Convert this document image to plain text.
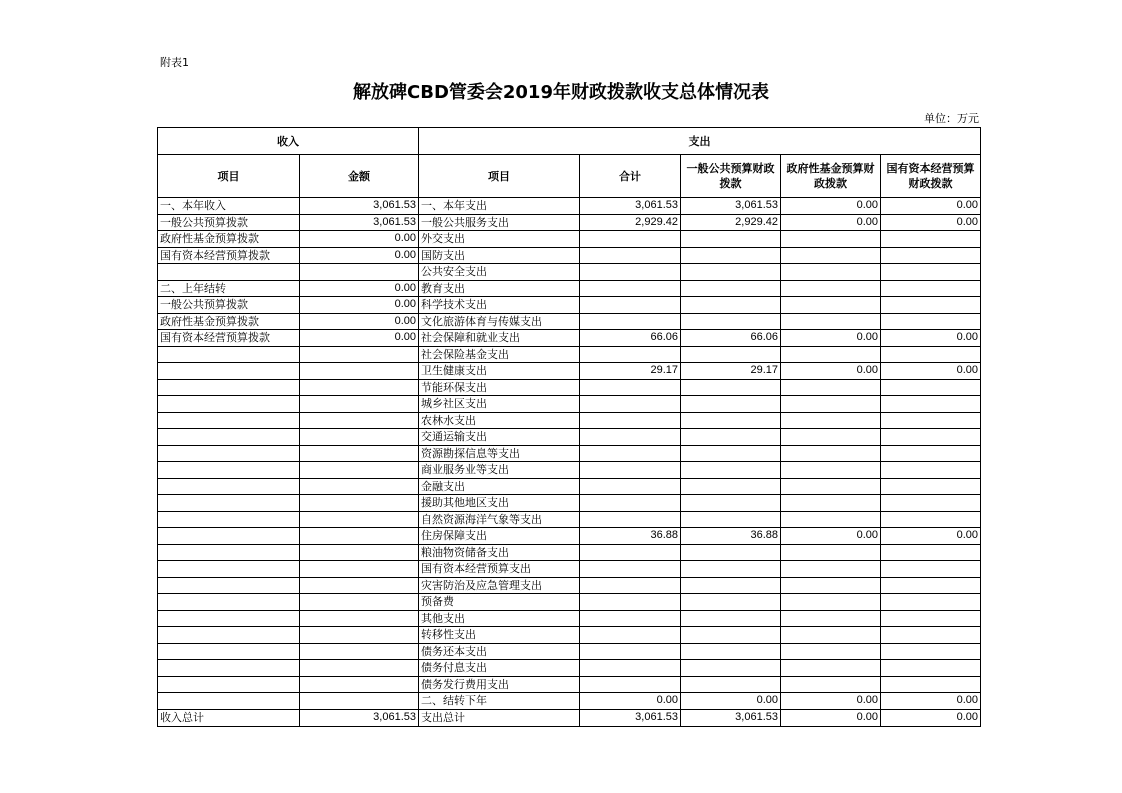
附表1
解放碑CBD管委会2019年财政拨款收支总体情况表
单位：万元
收入		支出				
项目	金额	项目	合计	一般公共预算财政拨款	政府性基金预算财政拨款	国有资本经营预算财政拨款
一、本年收入	3,061.53	一、本年支出	3,061.53	3,061.53	0.00	0.00
一般公共预算拨款	3,061.53	一般公共服务支出	2,929.42	2,929.42	0.00	0.00
政府性基金预算拨款	0.00	外交支出				
国有资本经营预算拨款	0.00	国防支出				
		公共安全支出				
二、上年结转	0.00	教育支出				
一般公共预算拨款	0.00	科学技术支出				
政府性基金预算拨款	0.00	文化旅游体育与传媒支出				
国有资本经营预算拨款	0.00	社会保障和就业支出	66.06	66.06	0.00	0.00
		社会保险基金支出				
		卫生健康支出	29.17	29.17	0.00	0.00
		节能环保支出				
		城乡社区支出				
		农林水支出				
		交通运输支出				
		资源勘探信息等支出				
		商业服务业等支出				
		金融支出				
		援助其他地区支出				
		自然资源海洋气象等支出				
		住房保障支出	36.88	36.88	0.00	0.00
		粮油物资储备支出				
		国有资本经营预算支出				
		灾害防治及应急管理支出				
		预备费				
		其他支出				
		转移性支出				
		债务还本支出				
		债务付息支出				
		债务发行费用支出				
		二、结转下年	0.00	0.00	0.00	0.00
收入总计	3,061.53	支出总计	3,061.53	3,061.53	0.00	0.00
